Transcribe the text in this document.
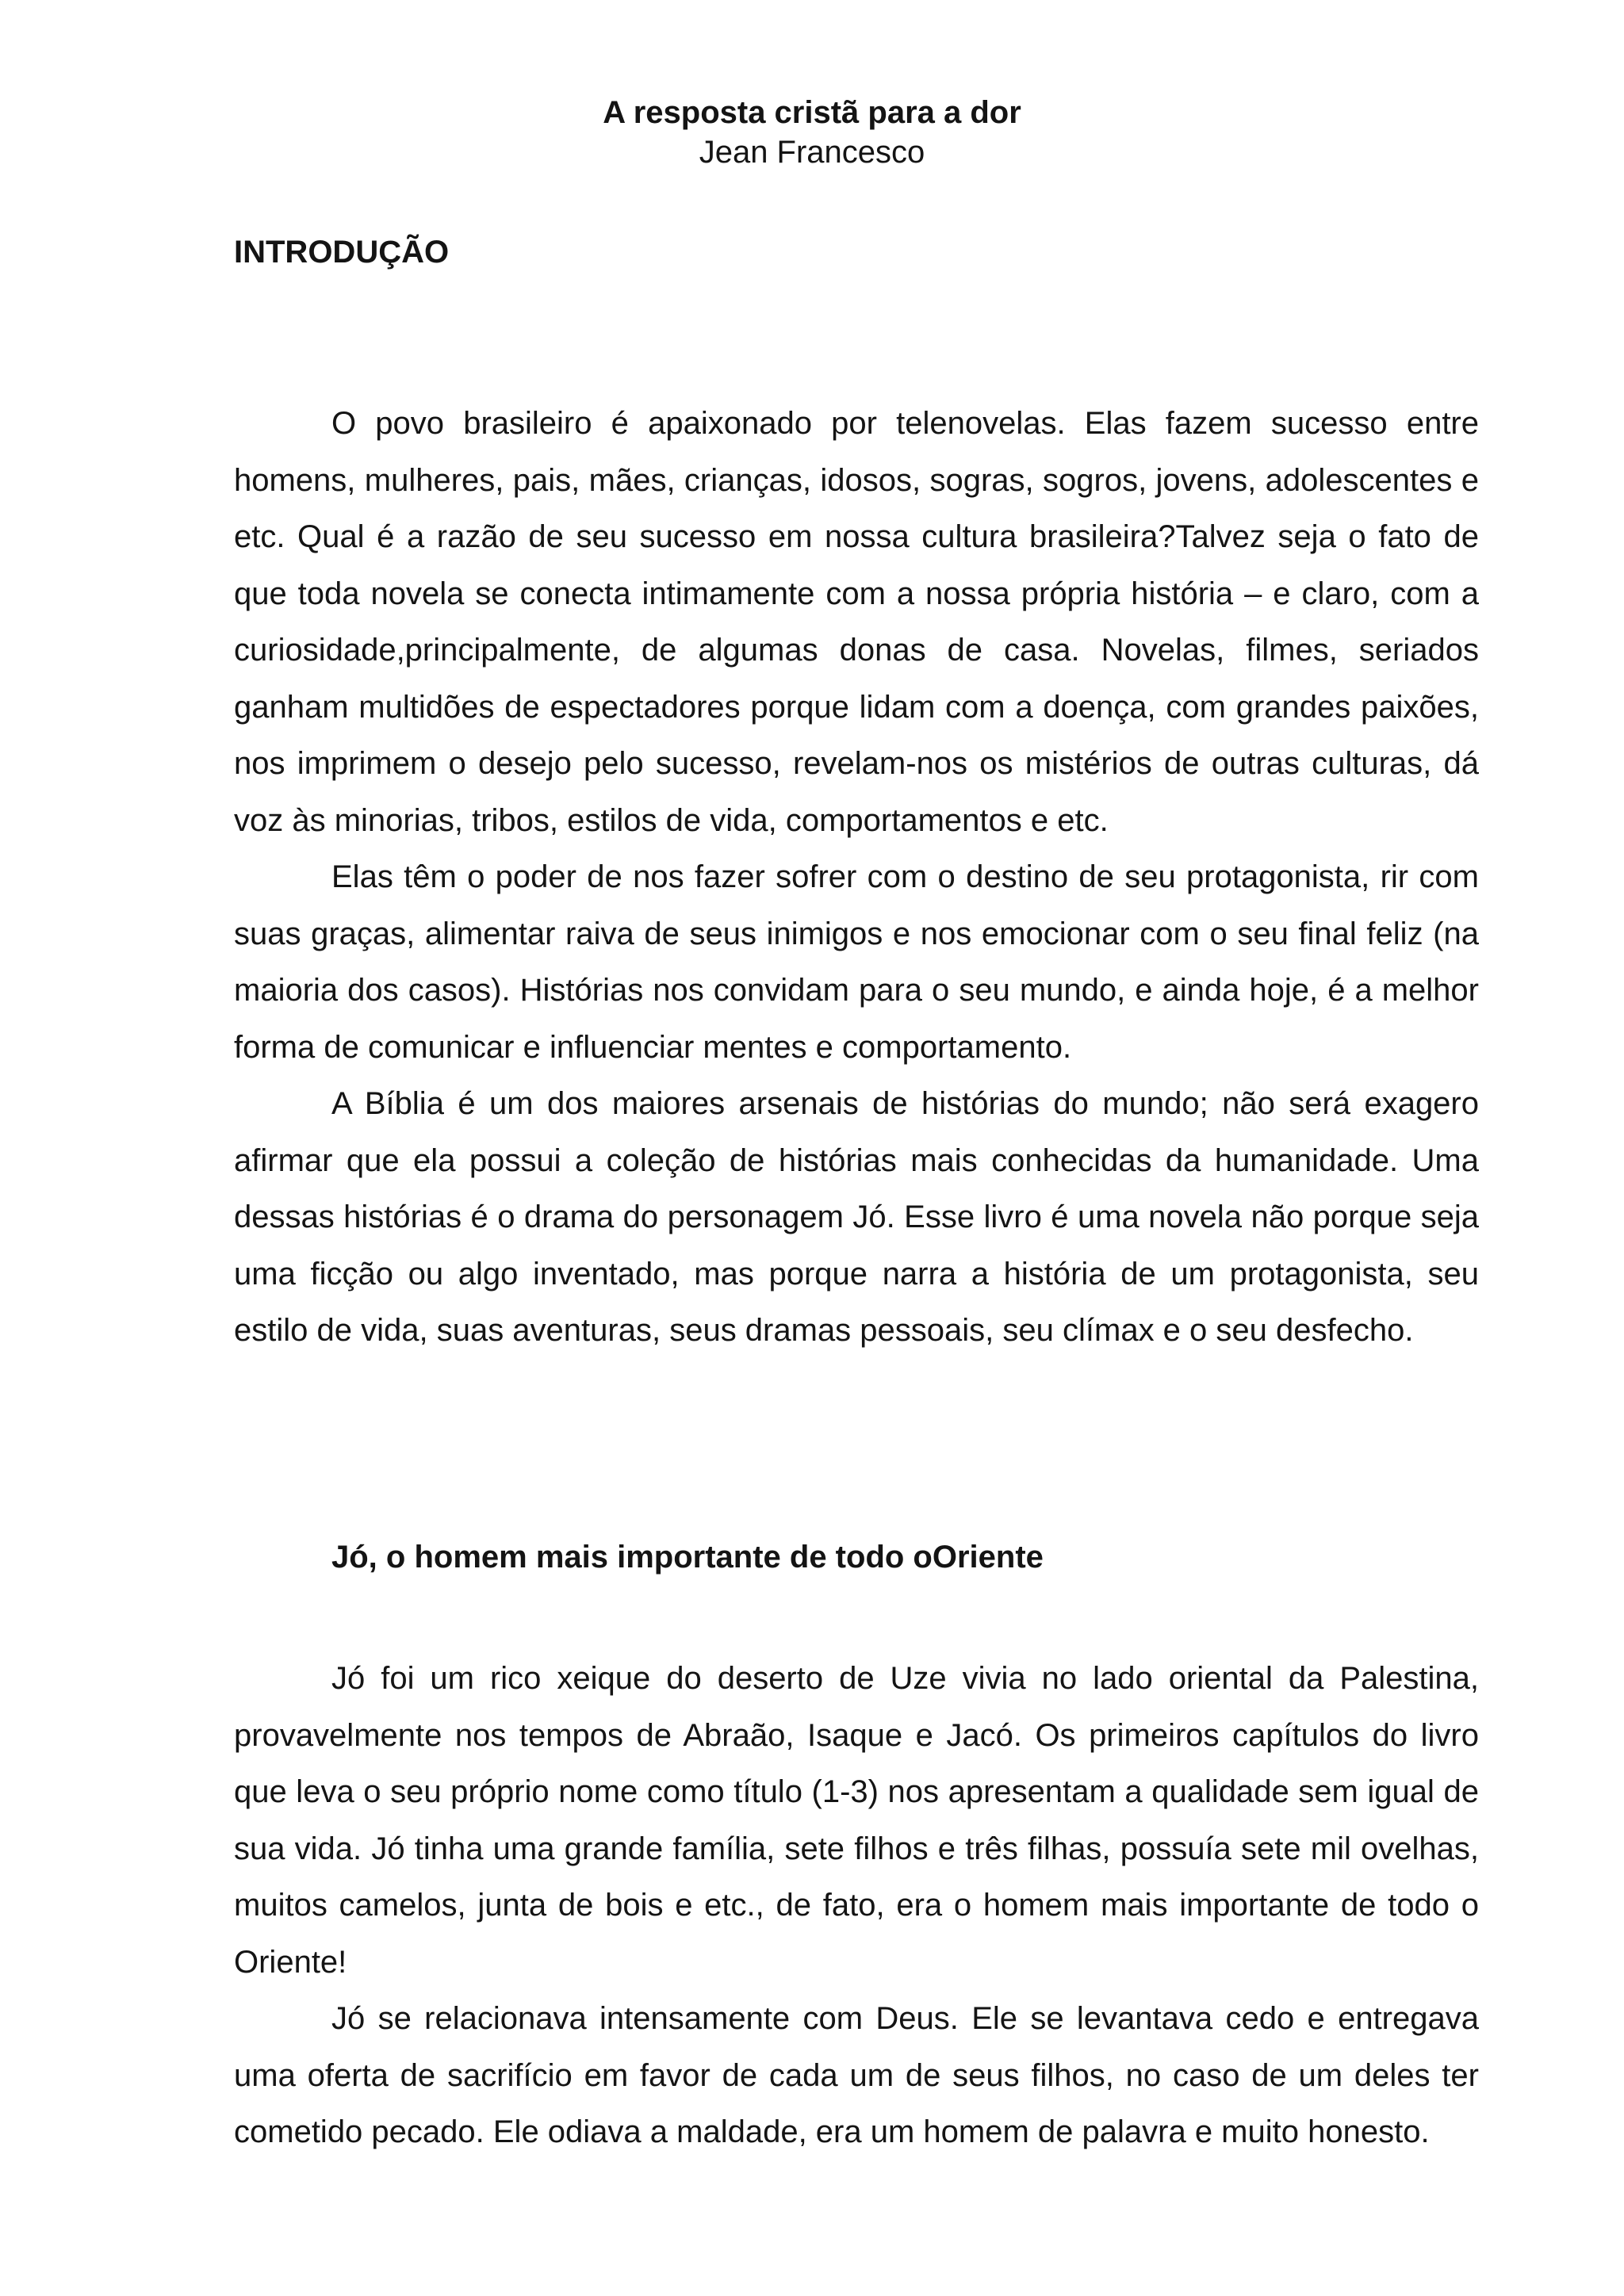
A resposta cristã para a dor
Jean Francesco
INTRODUÇÃO

O povo brasileiro é apaixonado por telenovelas. Elas fazem sucesso entre homens, mulheres, pais, mães, crianças, idosos, sogras, sogros, jovens, adolescentes e etc. Qual é a razão de seu sucesso em nossa cultura brasileira?Talvez seja o fato de que toda novela se conecta intimamente com a nossa própria história – e claro, com a curiosidade,principalmente, de algumas donas de casa. Novelas, filmes, seriados ganham multidões de espectadores porque lidam com a doença, com grandes paixões, nos imprimem o desejo pelo sucesso, revelam-nos os mistérios de outras culturas, dá voz às minorias, tribos, estilos de vida, comportamentos e etc.

Elas têm o poder de nos fazer sofrer com o destino de seu protagonista, rir com suas graças, alimentar raiva de seus inimigos e nos emocionar com o seu final feliz (na maioria dos casos). Histórias nos convidam para o seu mundo, e ainda hoje, é a melhor forma de comunicar e influenciar mentes e comportamento.

A Bíblia é um dos maiores arsenais de histórias do mundo; não será exagero afirmar que ela possui a coleção de histórias mais conhecidas da humanidade. Uma dessas histórias é o drama do personagem Jó. Esse livro é uma novela não porque seja uma ficção ou algo inventado, mas porque narra a história de um protagonista, seu estilo de vida, suas aventuras, seus dramas pessoais, seu clímax e o seu desfecho.

Jó, o homem mais importante de todo oOriente

Jó foi um rico xeique do deserto de Uze vivia no lado oriental da Palestina, provavelmente nos tempos de Abraão, Isaque e Jacó. Os primeiros capítulos do livro que leva o seu próprio nome como título (1-3) nos apresentam a qualidade sem igual de sua vida. Jó tinha uma grande família, sete filhos e três filhas, possuía sete mil ovelhas, muitos camelos, junta de bois e etc., de fato, era o homem mais importante de todo o Oriente!

Jó se relacionava intensamente com Deus. Ele se levantava cedo e entregava uma oferta de sacrifício em favor de cada um de seus filhos, no caso de um deles ter cometido pecado. Ele odiava a maldade, era um homem de palavra e muito honesto.
